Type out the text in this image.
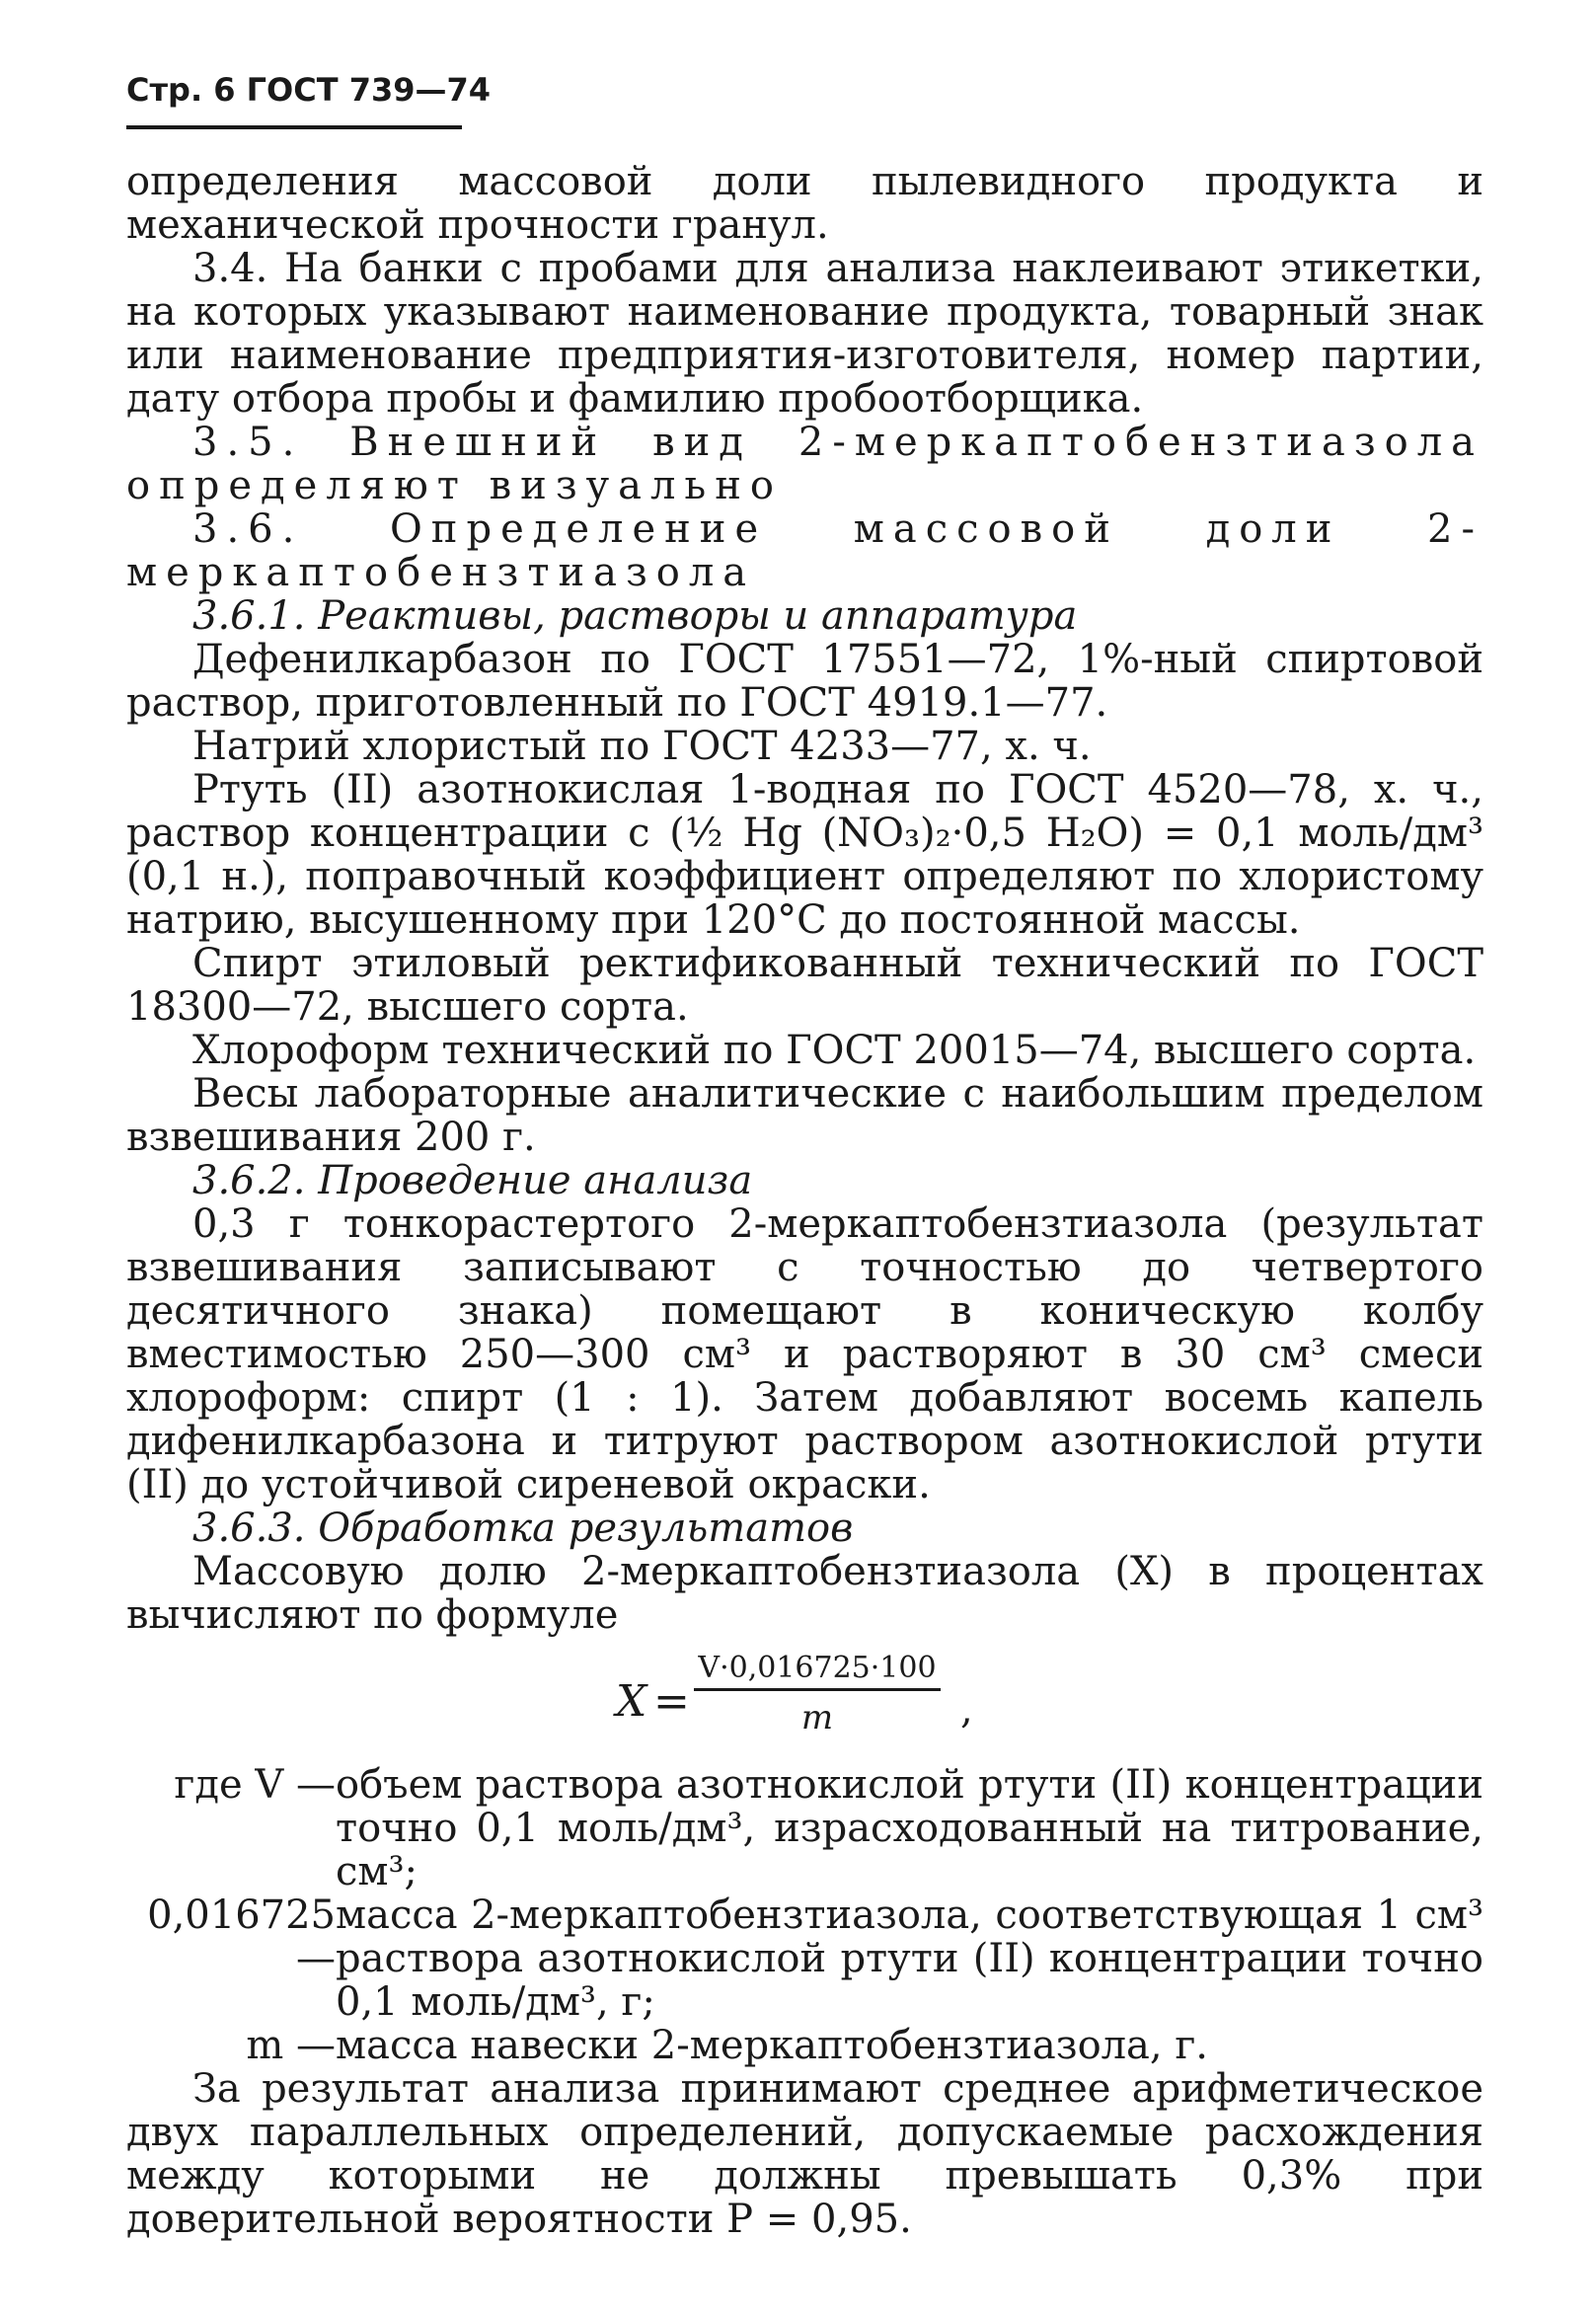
Стр. 6 ГОСТ 739—74

определения массовой доли пылевидного продукта и механической прочности гранул.

3.4. На банки с пробами для анализа наклеивают этикетки, на которых указывают наименование продукта, товарный знак или наименование предприятия-изготовителя, номер партии, дату отбора пробы и фамилию пробоотборщика.

3.5. Внешний вид 2-меркаптобензтиазола определяют визуально

3.6. Определение массовой доли 2-меркаптобензтиазола

3.6.1. Реактивы, растворы и аппаратура

Дефенилкарбазон по ГОСТ 17551—72, 1%-ный спиртовой раствор, приготовленный по ГОСТ 4919.1—77.

Натрий хлористый по ГОСТ 4233—77, х. ч.

Ртуть (II) азотнокислая 1-водная по ГОСТ 4520—78, х. ч., раствор концентрации c (½ Hg (NO₃)₂·0,5 H₂O) = 0,1 моль/дм³ (0,1 н.), поправочный коэффициент определяют по хлористому натрию, высушенному при 120°C до постоянной массы.

Спирт этиловый ректификованный технический по ГОСТ 18300—72, высшего сорта.

Хлороформ технический по ГОСТ 20015—74, высшего сорта.

Весы лабораторные аналитические с наибольшим пределом взвешивания 200 г.

3.6.2. Проведение анализа

0,3 г тонкорастертого 2-меркаптобензтиазола (результат взвешивания записывают с точностью до четвертого десятичного знака) помещают в коническую колбу вместимостью 250—300 см³ и растворяют в 30 см³ смеси хлороформ: спирт (1 : 1). Затем добавляют восемь капель дифенилкарбазона и титруют раствором азотнокислой ртути (II) до устойчивой сиреневой окраски.

3.6.3. Обработка результатов

Массовую долю 2-меркаптобензтиазола (X) в процентах вычисляют по формуле

X =
V·0,016725·100
m	,
где V — объем раствора азотнокислой ртути (II) концентрации точно 0,1 моль/дм³, израсходованный на титрование, см³;
0,016725—
масса 2-меркаптобензтиазола, соответствующая 1 см³ раствора азотнокислой ртути (II) концентрации точно 0,1 моль/дм³, г;
m — масса навески 2-меркаптобензтиазола, г.

За результат анализа принимают среднее арифметическое двух параллельных определений, допускаемые расхождения между которыми не должны превышать 0,3% при доверительной вероятности P = 0,95.
